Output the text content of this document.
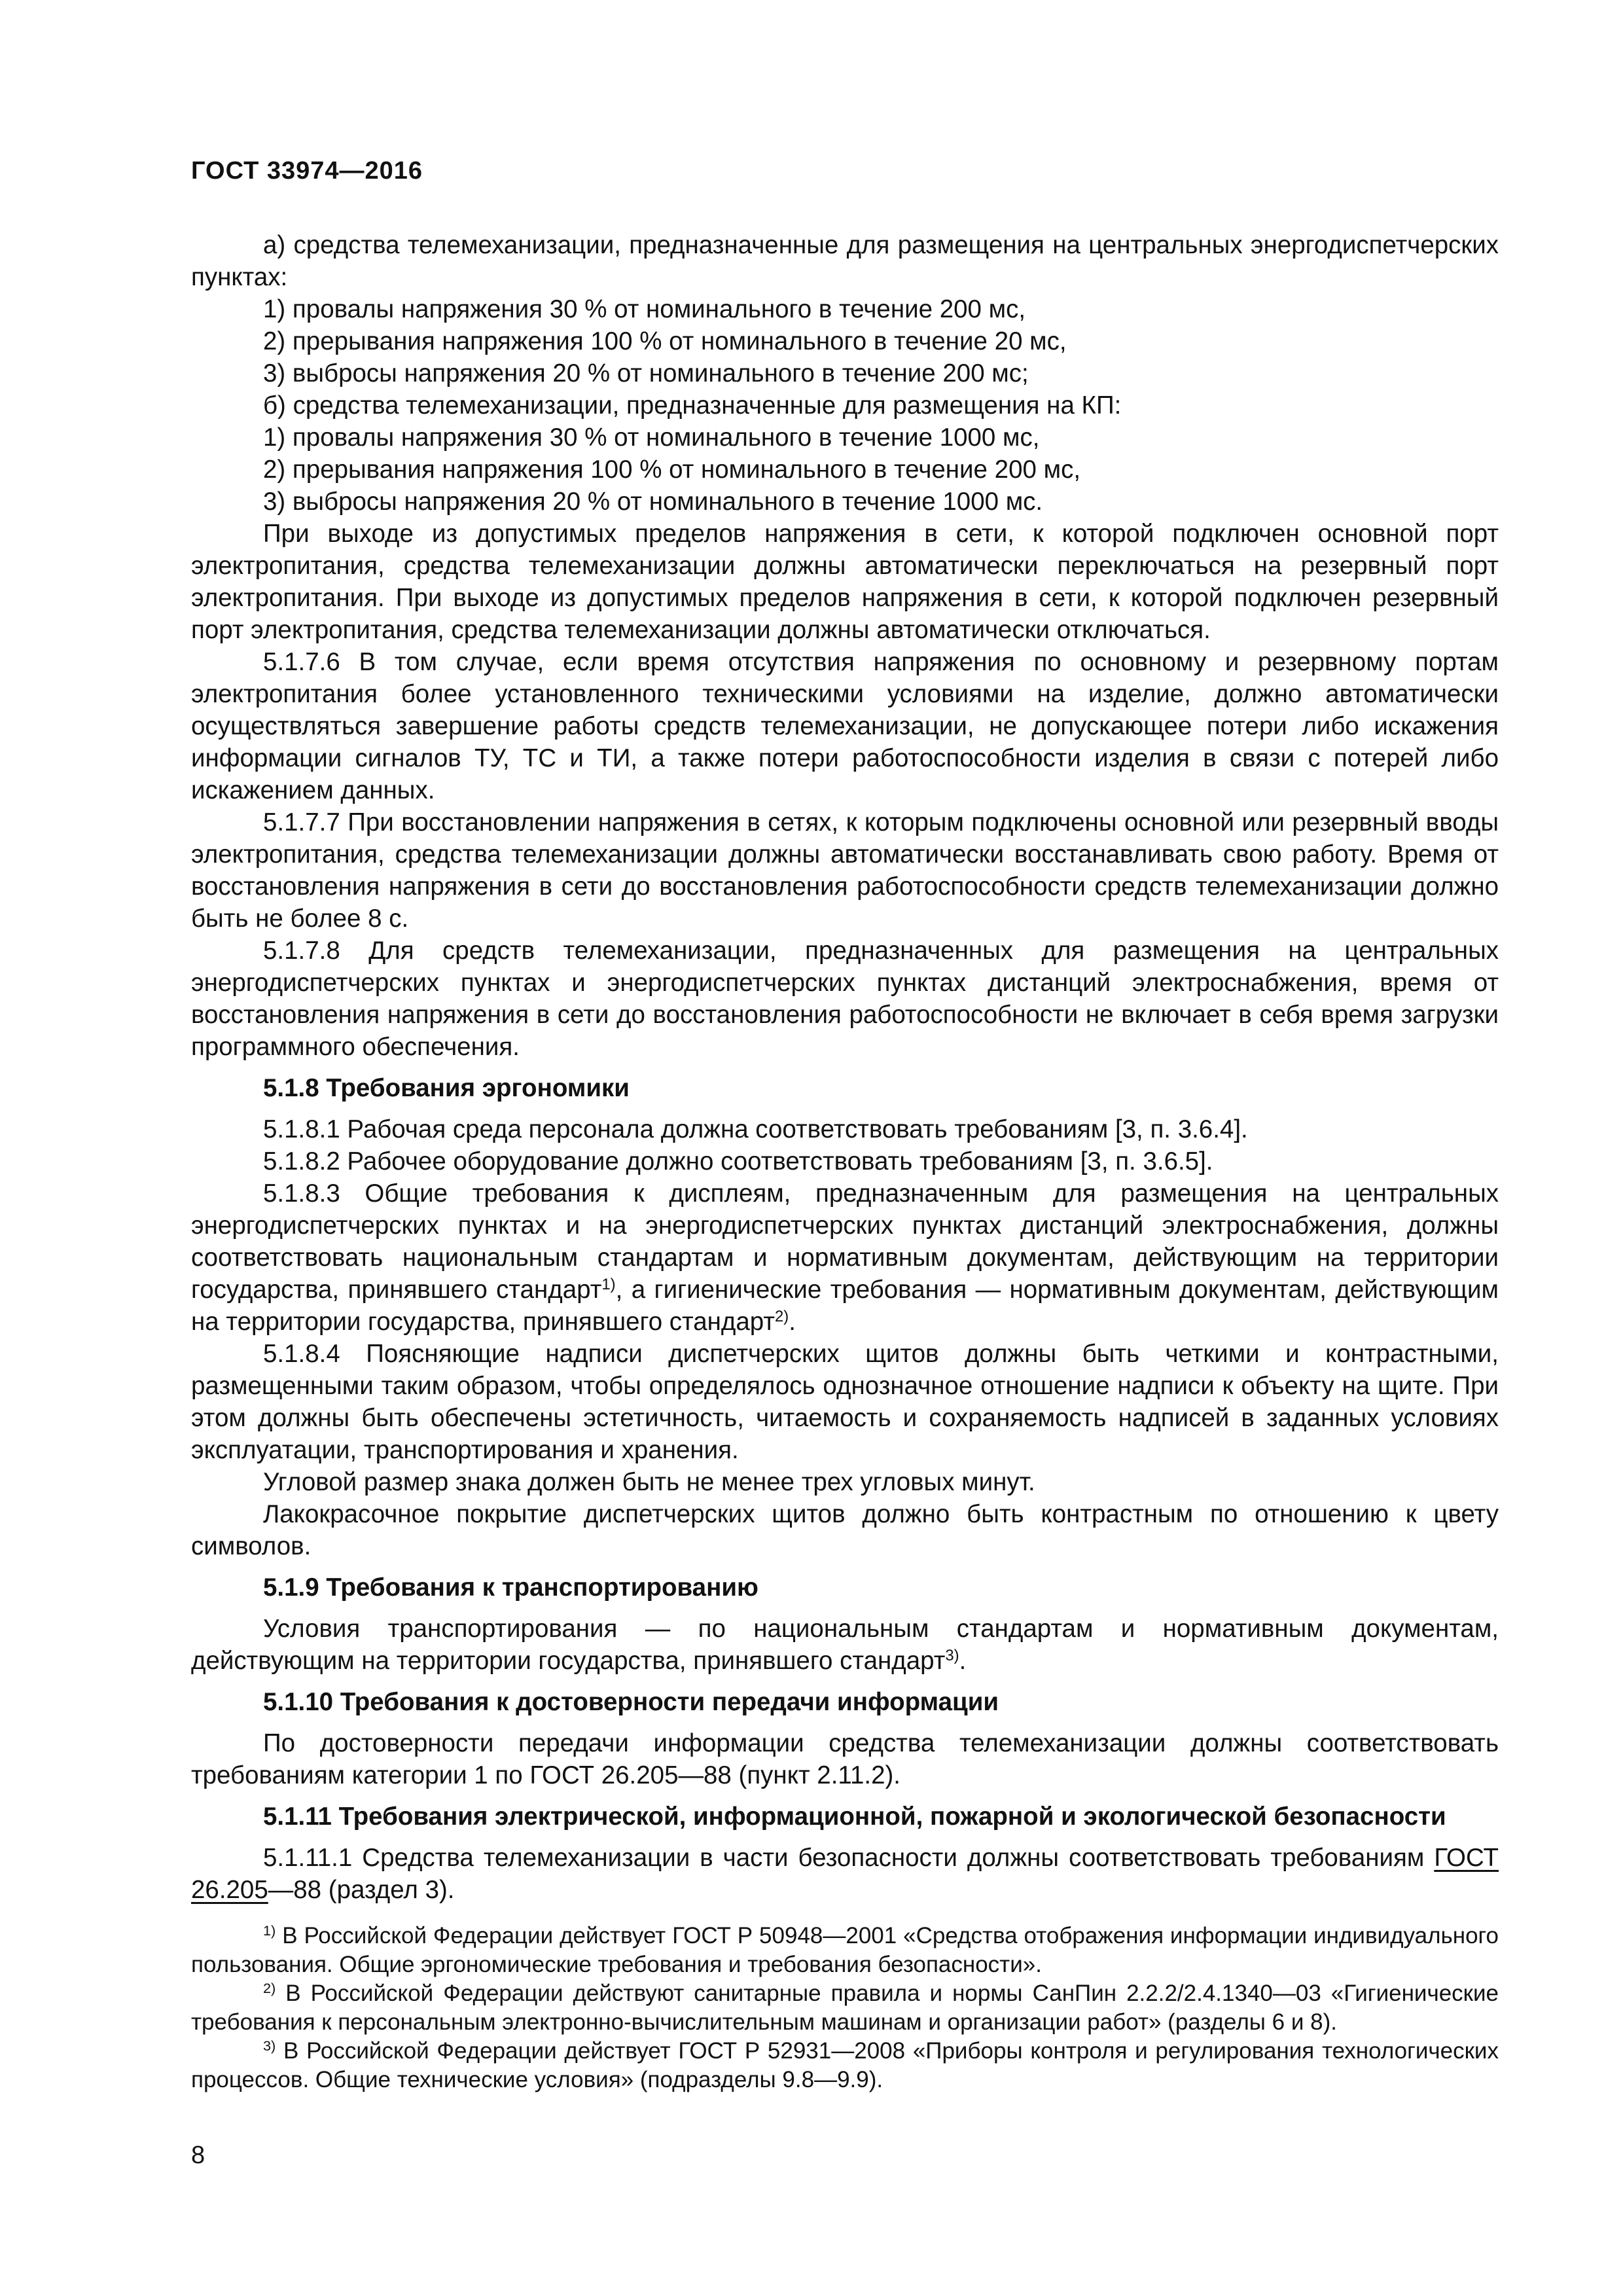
ГОСТ 33974—2016

а) средства телемеханизации, предназначенные для размещения на центральных энергодиспетчерских пунктах:

1) провалы напряжения 30 % от номинального в течение 200 мс,

2) прерывания напряжения 100 % от номинального в течение 20 мс,

3) выбросы напряжения 20 % от номинального в течение 200 мс;

б) средства телемеханизации, предназначенные для размещения на КП:

1) провалы напряжения 30 % от номинального в течение 1000 мс,

2) прерывания напряжения 100 % от номинального в течение 200 мс,

3) выбросы напряжения 20 % от номинального в течение 1000 мс.

При выходе из допустимых пределов напряжения в сети, к которой подключен основной порт электропитания, средства телемеханизации должны автоматически переключаться на резервный порт электропитания. При выходе из допустимых пределов напряжения в сети, к которой подключен резервный порт электропитания, средства телемеханизации должны автоматически отключаться.

5.1.7.6 В том случае, если время отсутствия напряжения по основному и резервному портам электропитания более установленного техническими условиями на изделие, должно автоматически осуществляться завершение работы средств телемеханизации, не допускающее потери либо искажения информации сигналов ТУ, ТС и ТИ, а также потери работоспособности изделия в связи с потерей либо искажением данных.

5.1.7.7 При восстановлении напряжения в сетях, к которым подключены основной или резервный вводы электропитания, средства телемеханизации должны автоматически восстанавливать свою работу. Время от восстановления напряжения в сети до восстановления работоспособности средств телемеханизации должно быть не более 8 с.

5.1.7.8 Для средств телемеханизации, предназначенных для размещения на центральных энергодиспетчерских пунктах и энергодиспетчерских пунктах дистанций электроснабжения, время от восстановления напряжения в сети до восстановления работоспособности не включает в себя время загрузки программного обеспечения.

5.1.8 Требования эргономики

5.1.8.1 Рабочая среда персонала должна соответствовать требованиям [3, п. 3.6.4].

5.1.8.2 Рабочее оборудование должно соответствовать требованиям [3, п. 3.6.5].

5.1.8.3 Общие требования к дисплеям, предназначенным для размещения на центральных энергодиспетчерских пунктах и на энергодиспетчерских пунктах дистанций электроснабжения, должны соответствовать национальным стандартам и нормативным документам, действующим на территории государства, принявшего стандарт$^{1)}$, а гигиенические требования — нормативным документам, действующим на территории государства, принявшего стандарт$^{2)}$.

5.1.8.4 Поясняющие надписи диспетчерских щитов должны быть четкими и контрастными, размещенными таким образом, чтобы определялось однозначное отношение надписи к объекту на щите. При этом должны быть обеспечены эстетичность, читаемость и сохраняемость надписей в заданных условиях эксплуатации, транспортирования и хранения.

Угловой размер знака должен быть не менее трех угловых минут.

Лакокрасочное покрытие диспетчерских щитов должно быть контрастным по отношению к цвету символов.

5.1.9 Требования к транспортированию

Условия транспортирования — по национальным стандартам и нормативным документам, действующим на территории государства, принявшего стандарт$^{3)}$.

5.1.10 Требования к достоверности передачи информации

По достоверности передачи информации средства телемеханизации должны соответствовать требованиям категории 1 по ГОСТ 26.205—88 (пункт 2.11.2).

5.1.11 Требования электрической, информационной, пожарной и экологической безопасности

5.1.11.1 Средства телемеханизации в части безопасности должны соответствовать требованиям ГОСТ 26.205—88 (раздел 3).

$^{1)}$ В Российской Федерации действует ГОСТ Р 50948—2001 «Средства отображения информации индивидуального пользования. Общие эргономические требования и требования безопасности».

$^{2)}$ В Российской Федерации действуют санитарные правила и нормы СанПин 2.2.2/2.4.1340—03 «Гигиенические требования к персональным электронно-вычислительным машинам и организации работ» (разделы 6 и 8).

$^{3)}$ В Российской Федерации действует ГОСТ Р 52931—2008 «Приборы контроля и регулирования технологических процессов. Общие технические условия» (подразделы 9.8—9.9).

8
